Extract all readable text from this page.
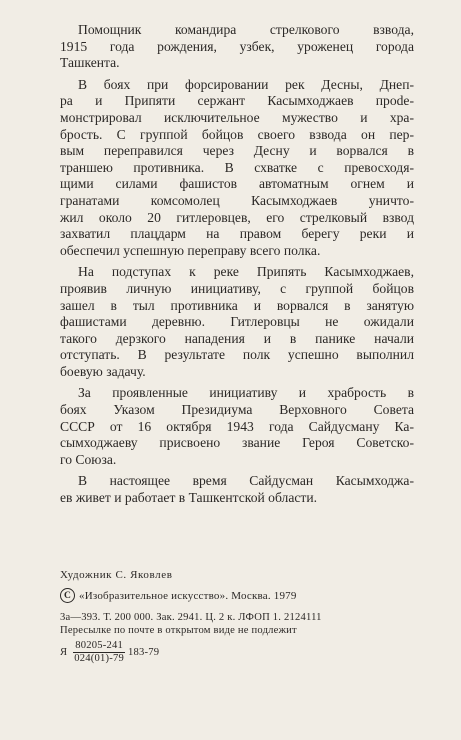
Помощник командира стрелкового взвода,
1915 года рождения, узбек, уроженец города
Ташкента.

В боях при форсировании рек Десны, Днеп-
ра и Припяти сержант Касымходжаев прode-
монстрировал исключительное мужество и хра-
брость. С группой бойцов своего взвода он пер-
вым переправился через Десну и ворвался в
траншею противника. В схватке с превосходя-
щими силами фашистов автоматным огнем и
гранатами комсомолец Касымходжаев уничто-
жил около 20 гитлеровцев, его стрелковый взвод
захватил плацдарм на правом берегу реки и
обеспечил успешную переправу всего полка.

На подступах к реке Припять Касымходжаев,
проявив личную инициативу, с группой бойцов
зашел в тыл противника и ворвался в занятую
фашистами деревню. Гитлеровцы не ожидали
такого дерзкого нападения и в панике начали
отступать. В результате полк успешно выполнил
боевую задачу.

За проявленные инициативу и храбрость в
боях Указом Президиума Верховного Совета
СССР от 16 октября 1943 года Сайдусману Ка-
сымходжаеву присвоено звание Героя Советско-
го Союза.

В настоящее время Сайдусман Касымходжа-
ев живет и работает в Ташкентской области.

Художник С. Яковлев
C «Изобразительное искусство». Москва. 1979
3а—393. Т. 200 000. Зак. 2941. Ц. 2 к. ЛФОП 1. 2124111
Пересылке по почте в открытом виде не подлежит
Я $\frac{80205-241}{024(01)-79} 183-79$
